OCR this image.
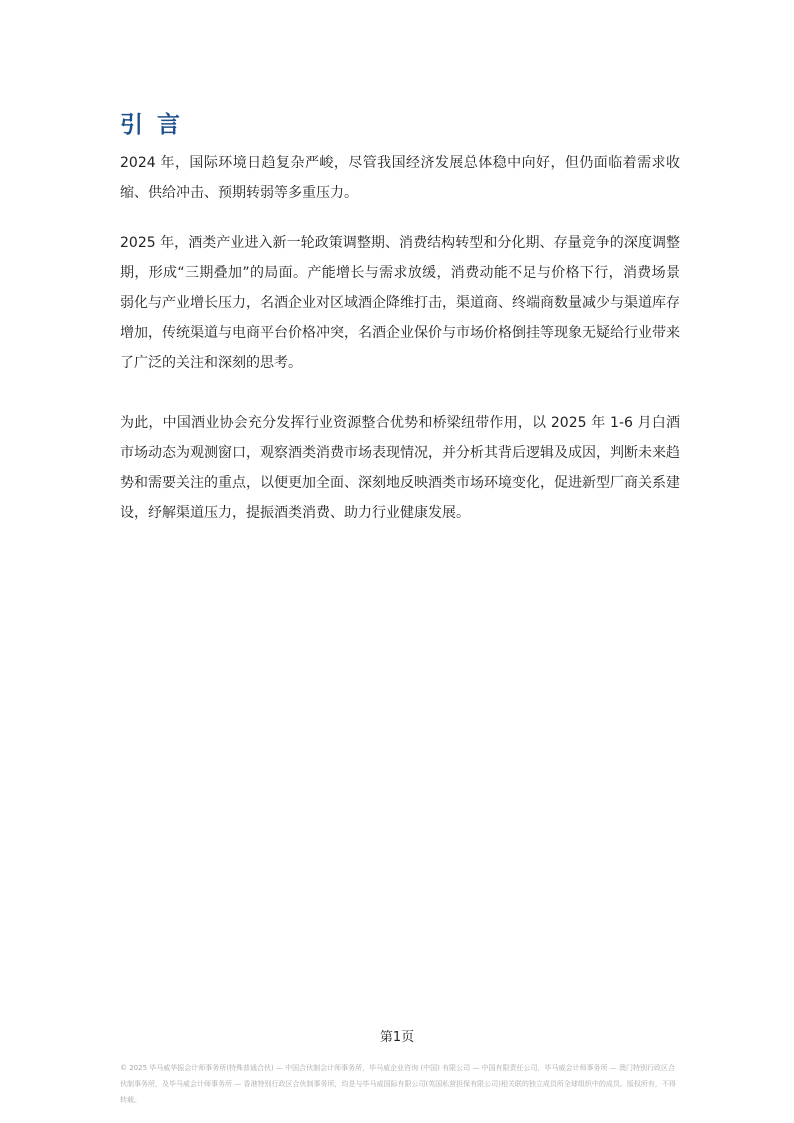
引言

2024 年，国际环境日趋复杂严峻，尽管我国经济发展总体稳中向好，但仍面临着需求收缩、供给冲击、预期转弱等多重压力。

2025 年，酒类产业进入新一轮政策调整期、消费结构转型和分化期、存量竞争的深度调整期，形成“三期叠加”的局面。产能增长与需求放缓，消费动能不足与价格下行，消费场景弱化与产业增长压力，名酒企业对区域酒企降维打击，渠道商、终端商数量减少与渠道库存增加，传统渠道与电商平台价格冲突，名酒企业保价与市场价格倒挂等现象无疑给行业带来了广泛的关注和深刻的思考。

为此，中国酒业协会充分发挥行业资源整合优势和桥梁纽带作用，以 2025 年 1-6 月白酒市场动态为观测窗口，观察酒类消费市场表现情况，并分析其背后逻辑及成因，判断未来趋势和需要关注的重点，以便更加全面、深刻地反映酒类市场环境变化，促进新型厂商关系建设，纾解渠道压力，提振酒类消费、助力行业健康发展。

第1页

© 2025 毕马威华振会计师事务所(特殊普通合伙) — 中国合伙制会计师事务所，毕马威企业咨询 (中国) 有限公司 — 中国有限责任公司，毕马威会计师事务所 — 澳门特别行政区合伙制事务所，及毕马威会计师事务所 — 香港特别行政区合伙制事务所，均是与毕马威国际有限公司(英国私营担保有限公司)相关联的独立成员所全球组织中的成员。版权所有，不得转载。
